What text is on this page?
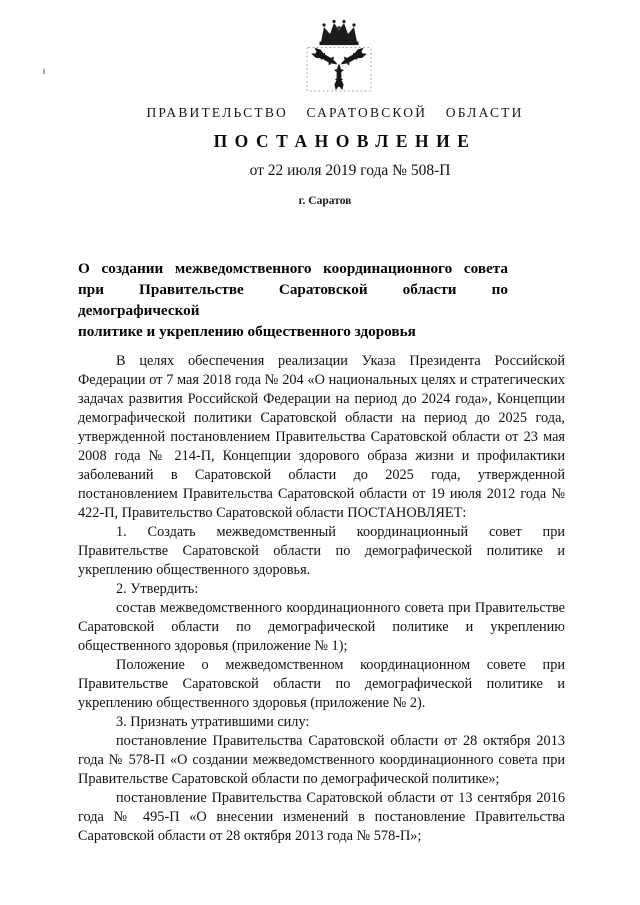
ПРАВИТЕЛЬСТВО САРАТОВСКОЙ ОБЛАСТИ
ПОСТАНОВЛЕНИЕ
от 22 июля 2019 года № 508-П
г. Саратов
О создании межведомственного координационного совета
при Правительстве Саратовской области по демографической
политике и укреплению общественного здоровья

В целях обеспечения реализации Указа Президента Российской Федерации от 7 мая 2018 года № 204 «О национальных целях и стратегических задачах развития Российской Федерации на период до 2024 года», Концепции демографической политики Саратовской области на период до 2025 года, утвержденной постановлением Правительства Саратовской области от 23 мая 2008 года № 214-П, Концепции здорового образа жизни и профилактики заболеваний в Саратовской области до 2025 года, утвержденной постановлением Правительства Саратовской области от 19 июля 2012 года № 422-П, Правительство Саратовской области ПОСТАНОВЛЯЕТ:

1. Создать межведомственный координационный совет при Правительстве Саратовской области по демографической политике и укреплению общественного здоровья.

2. Утвердить:

состав межведомственного координационного совета при Правительстве Саратовской области по демографической политике и укреплению общественного здоровья (приложение № 1);

Положение о межведомственном координационном совете при Правительстве Саратовской области по демографической политике и укреплению общественного здоровья (приложение № 2).

3. Признать утратившими силу:

постановление Правительства Саратовской области от 28 октября 2013 года № 578-П «О создании межведомственного координационного совета при Правительстве Саратовской области по демографической политике»;

постановление Правительства Саратовской области от 13 сентября 2016 года № 495-П «О внесении изменений в постановление Правительства Саратовской области от 28 октября 2013 года № 578-П»;
